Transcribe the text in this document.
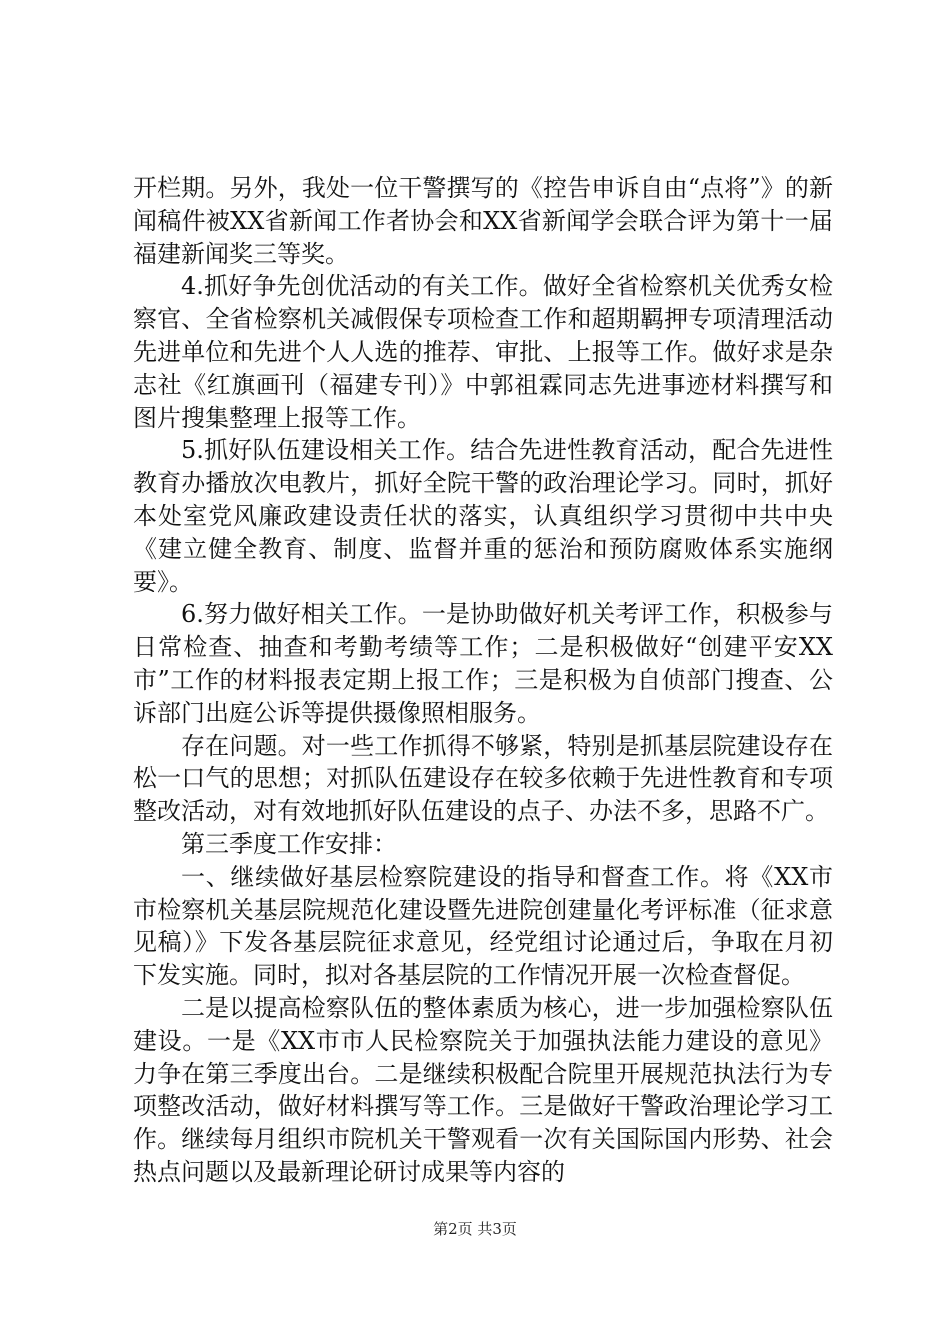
开栏期。另外，我处一位干警撰写的《控告申诉自由“点将”》的新闻稿件被XX省新闻工作者协会和XX省新闻学会联合评为第十一届福建新闻奖三等奖。

4.抓好争先创优活动的有关工作。做好全省检察机关优秀女检察官、全省检察机关减假保专项检查工作和超期羁押专项清理活动先进单位和先进个人人选的推荐、审批、上报等工作。做好求是杂志社《红旗画刊（福建专刊）》中郭祖霖同志先进事迹材料撰写和图片搜集整理上报等工作。

5.抓好队伍建设相关工作。结合先进性教育活动，配合先进性教育办播放次电教片，抓好全院干警的政治理论学习。同时，抓好本处室党风廉政建设责任状的落实，认真组织学习贯彻中共中央《建立健全教育、制度、监督并重的惩治和预防腐败体系实施纲要》。

6.努力做好相关工作。一是协助做好机关考评工作，积极参与日常检查、抽查和考勤考绩等工作；二是积极做好“创建平安XX市”工作的材料报表定期上报工作；三是积极为自侦部门搜查、公诉部门出庭公诉等提供摄像照相服务。

存在问题。对一些工作抓得不够紧，特别是抓基层院建设存在松一口气的思想；对抓队伍建设存在较多依赖于先进性教育和专项整改活动，对有效地抓好队伍建设的点子、办法不多，思路不广。

第三季度工作安排：

一、继续做好基层检察院建设的指导和督查工作。将《XX市市检察机关基层院规范化建设暨先进院创建量化考评标准（征求意见稿）》下发各基层院征求意见，经党组讨论通过后，争取在月初下发实施。同时，拟对各基层院的工作情况开展一次检查督促。

二是以提高检察队伍的整体素质为核心，进一步加强检察队伍建设。一是《XX市市人民检察院关于加强执法能力建设的意见》力争在第三季度出台。二是继续积极配合院里开展规范执法行为专项整改活动，做好材料撰写等工作。三是做好干警政治理论学习工作。继续每月组织市院机关干警观看一次有关国际国内形势、社会热点问题以及最新理论研讨成果等内容的

第2页 共3页
